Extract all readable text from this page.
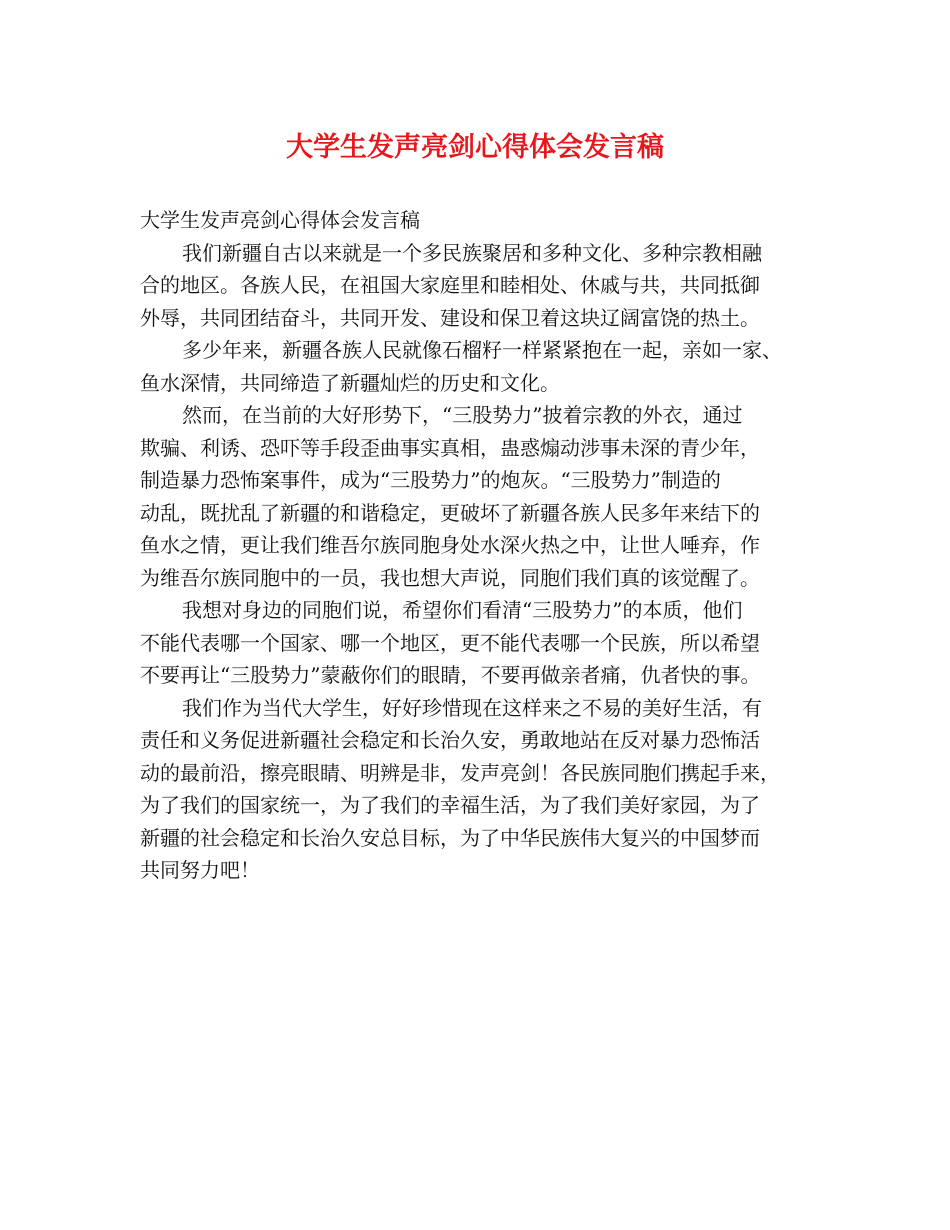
大学生发声亮剑心得体会发言稿
大学生发声亮剑心得体会发言稿
我们新疆自古以来就是一个多民族聚居和多种文化、多种宗教相融
合的地区。各族人民，在祖国大家庭里和睦相处、休戚与共，共同抵御
外辱，共同团结奋斗，共同开发、建设和保卫着这块辽阔富饶的热土。
多少年来，新疆各族人民就像石榴籽一样紧紧抱在一起，亲如一家、
鱼水深情，共同缔造了新疆灿烂的历史和文化。
然而，在当前的大好形势下，“三股势力”披着宗教的外衣，通过
欺骗、利诱、恐吓等手段歪曲事实真相，蛊惑煽动涉事未深的青少年，
制造暴力恐怖案事件，成为“三股势力”的炮灰。“三股势力”制造的
动乱，既扰乱了新疆的和谐稳定，更破坏了新疆各族人民多年来结下的
鱼水之情，更让我们维吾尔族同胞身处水深火热之中，让世人唾弃，作
为维吾尔族同胞中的一员，我也想大声说，同胞们我们真的该觉醒了。
我想对身边的同胞们说，希望你们看清“三股势力”的本质，他们
不能代表哪一个国家、哪一个地区，更不能代表哪一个民族，所以希望
不要再让“三股势力”蒙蔽你们的眼睛，不要再做亲者痛，仇者快的事。
我们作为当代大学生，好好珍惜现在这样来之不易的美好生活，有
责任和义务促进新疆社会稳定和长治久安，勇敢地站在反对暴力恐怖活
动的最前沿，擦亮眼睛、明辨是非，发声亮剑！各民族同胞们携起手来，
为了我们的国家统一，为了我们的幸福生活，为了我们美好家园，为了
新疆的社会稳定和长治久安总目标，为了中华民族伟大复兴的中国梦而
共同努力吧！
